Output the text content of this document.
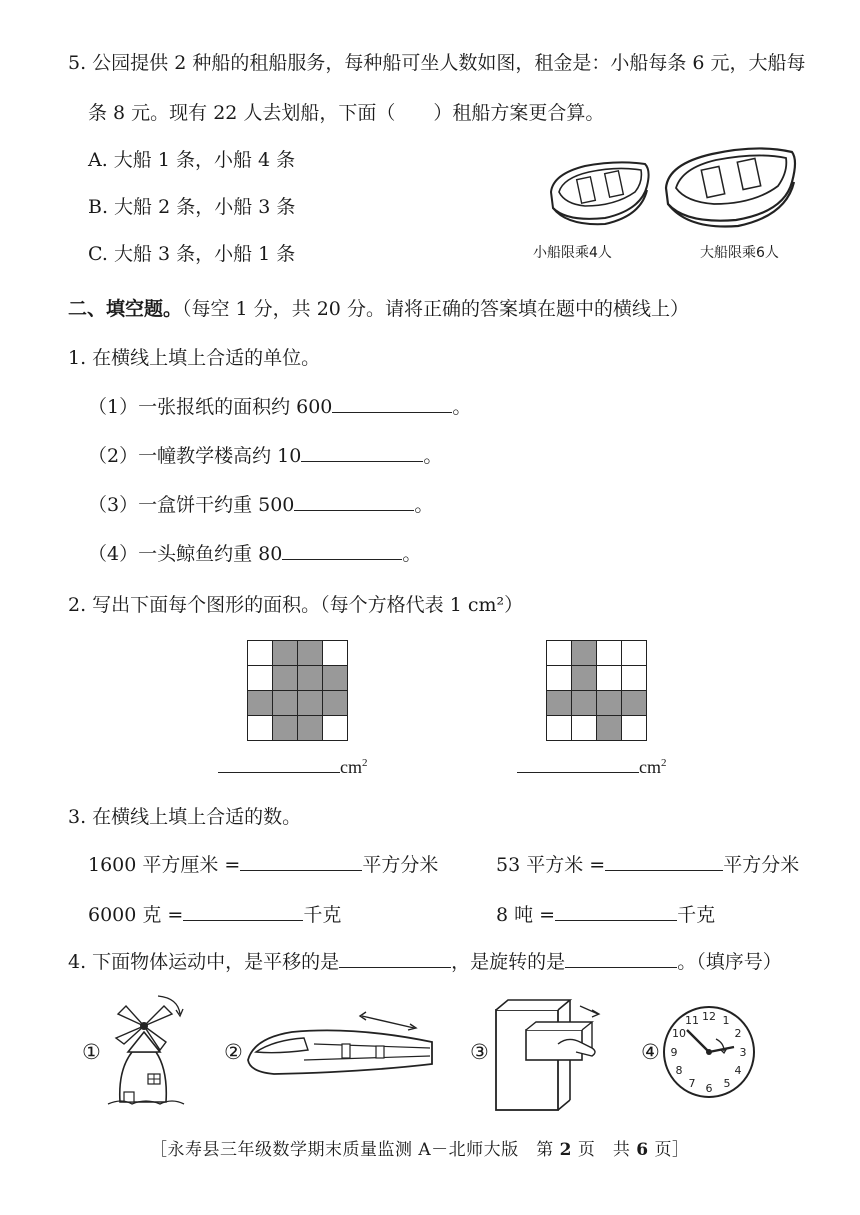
5. 公园提供 2 种船的租船服务，每种船可坐人数如图，租金是：小船每条 6 元，大船每
条 8 元。现有 22 人去划船，下面（　　）租船方案更合算。
A. 大船 1 条，小船 4 条
B. 大船 2 条，小船 3 条
C. 大船 3 条，小船 1 条	小船限乘4人	大船限乘6人
二、填空题。（每空 1 分，共 20 分。请将正确的答案填在题中的横线上）
1. 在横线上填上合适的单位。
（1）一张报纸的面积约 600	。
（2）一幢教学楼高约 10	。
（3）一盒饼干约重 500	。
（4）一头鲸鱼约重 80	。
2. 写出下面每个图形的面积。（每个方格代表 1 cm²）

$cm^2$	$cm^2$
3. 在横线上填上合适的数。
1600 平方厘米 =	平方分米	53 平方米 =	平方分米
6000 克 =	千克	8 吨 =	千克
4. 下面物体运动中，是平移的是	，是旋转的是	。（填序号）
①	②	③	④
12 1
2
3
4
5
6
7
8
9
10
11
［永寿县三年级数学期末质量监测 A－北师大版　第 2 页　共 6 页］
